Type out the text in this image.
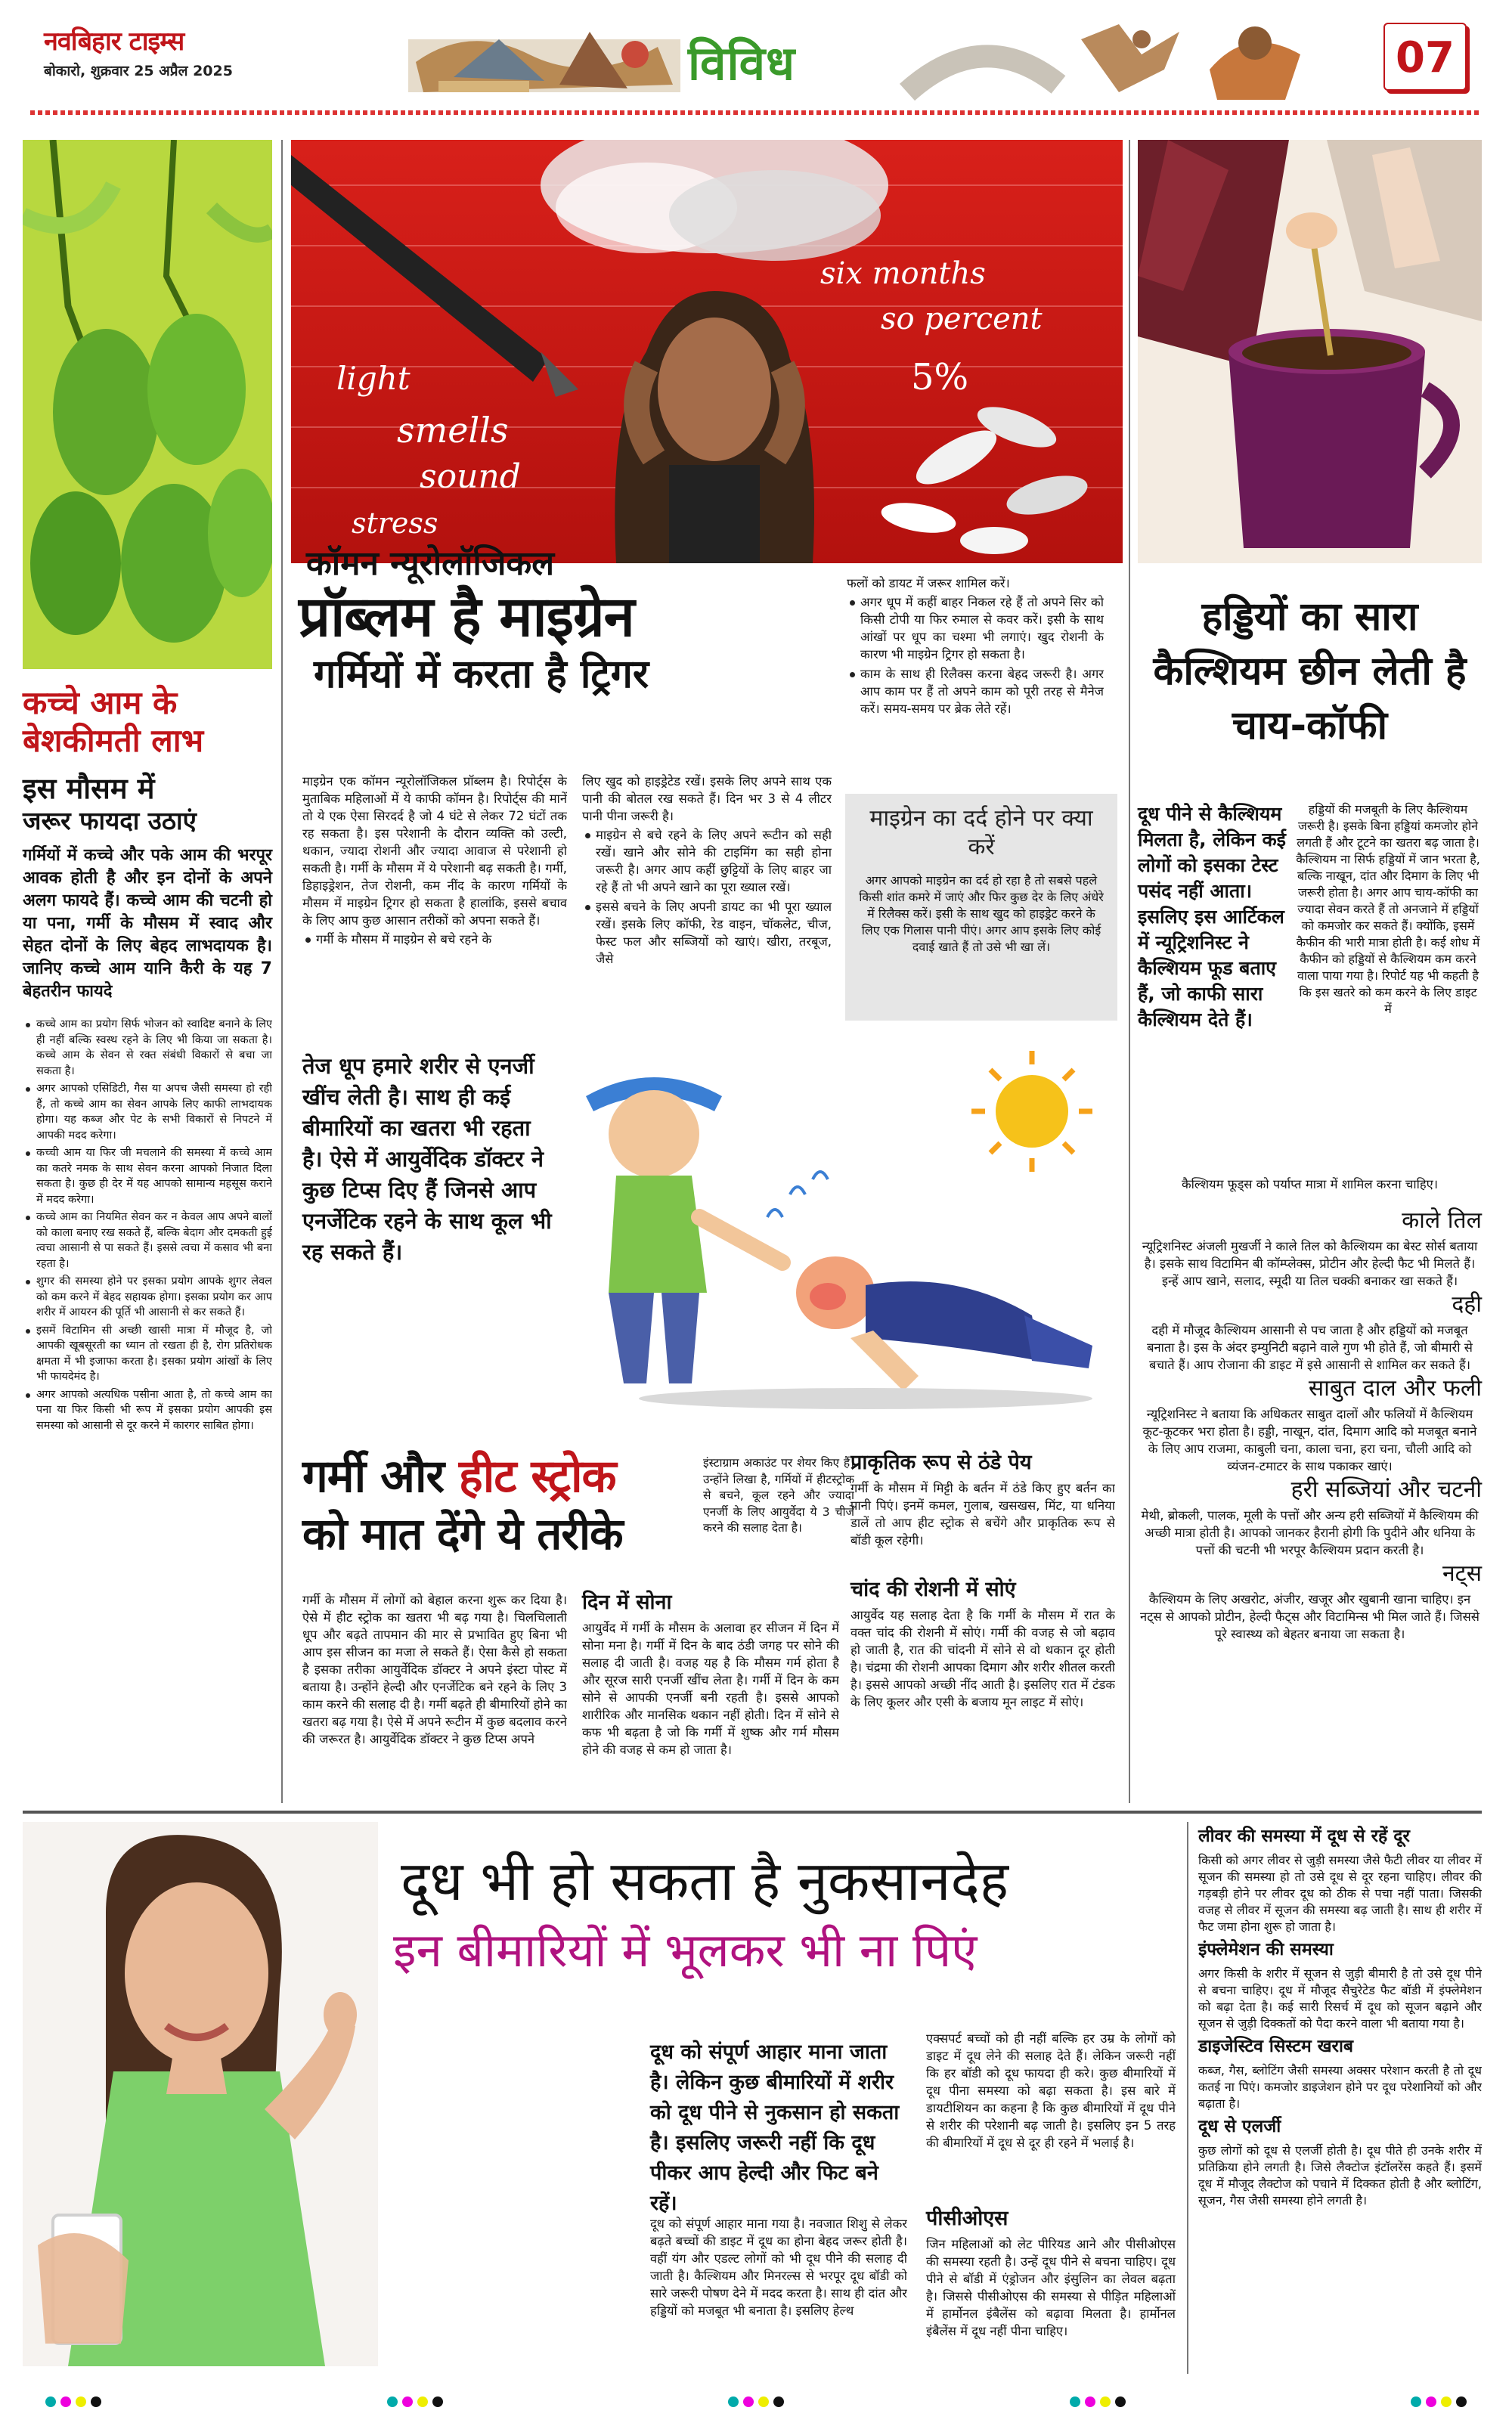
नवबिहार टाइम्स
बोकारो, शुक्रवार 25 अप्रैल 2025	विविध	07
कच्चे आम के बेशकीमती लाभ
इस मौसम में
जरूर फायदा उठाएं
गर्मियों में कच्चे और पके आम की भरपूर आवक होती है और इन दोनों के अपने अलग फायदे हैं। कच्चे आम की चटनी हो या पना, गर्मी के मौसम में स्वाद और सेहत दोनों के लिए बेहद लाभदायक है। जानिए कच्चे आम यानि कैरी के यह 7 बेहतरीन फायदे
कच्चे आम का प्रयोग सिर्फ भोजन को स्वादिष्ट बनाने के लिए ही नहीं बल्कि स्वस्थ रहने के लिए भी किया जा सकता है। कच्चे आम के सेवन से रक्त संबंधी विकारों से बचा जा सकता है।
अगर आपको एसिडिटी, गैस या अपच जैसी समस्या हो रही हैं, तो कच्चे आम का सेवन आपके लिए काफी लाभदायक होगा। यह कब्ज और पेट के सभी विकारों से निपटने में आपकी मदद करेगा।
कच्ची आम या फिर जी मचलाने की समस्या में कच्चे आम का कतरे नमक के साथ सेवन करना आपको निजात दिला सकता है। कुछ ही देर में यह आपको सामान्य महसूस कराने में मदद करेगा।
कच्चे आम का नियमित सेवन कर न केवल आप अपने बालों को काला बनाए रख सकते हैं, बल्कि बेदाग और दमकती हुई त्वचा आसानी से पा सकते हैं। इससे त्वचा में कसाव भी बना रहता है।
शुगर की समस्या होने पर इसका प्रयोग आपके शुगर लेवल को कम करने में बेहद सहायक होगा। इसका प्रयोग कर आप शरीर में आयरन की पूर्ति भी आसानी से कर सकते हैं।
इसमें विटामिन सी अच्छी खासी मात्रा में मौजूद है, जो आपकी खूबसूरती का ध्यान तो रखता ही है, रोग प्रतिरोधक क्षमता में भी इजाफा करता है। इसका प्रयोग आंखों के लिए भी फायदेमंद है।
अगर आपको अत्यधिक पसीना आता है, तो कच्चे आम का पना या फिर किसी भी रूप में इसका प्रयोग आपकी इस समस्या को आसानी से दूर करने में कारगर साबित होगा।
light
smells
sound
six months
so percent
5%
stress
कॉमन न्यूरोलॉजिकल
प्रॉब्लम है माइग्रेन
गर्मियों में करता है ट्रिगर

माइग्रेन एक कॉमन न्यूरोलॉजिकल प्रॉब्लम है। रिपोर्ट्स के मुताबिक महिलाओं में ये काफी कॉमन है। रिपोर्ट्स की मानें तो ये एक ऐसा सिरदर्द है जो 4 घंटे से लेकर 72 घंटों तक रह सकता है। इस परेशानी के दौरान व्यक्ति को उल्टी, थकान, ज्यादा रोशनी और ज्यादा आवाज से परेशानी हो सकती है। गर्मी के मौसम में ये परेशानी बढ़ सकती है। गर्मी, डिहाइड्रेशन, तेज रोशनी, कम नींद के कारण गर्मियों के मौसम में माइग्रेन ट्रिगर हो सकता है हालांकि, इससे बचाव के लिए आप कुछ आसान तरीकों को अपना सकते हैं।

गर्मी के मौसम में माइग्रेन से बचे रहने के

लिए खुद को हाइड्रेटेड रखें। इसके लिए अपने साथ एक पानी की बोतल रख सकते हैं। दिन भर 3 से 4 लीटर पानी पीना जरूरी है।

माइग्रेन से बचे रहने के लिए अपने रूटीन को सही रखें। खाने और सोने की टाइमिंग का सही होना जरूरी है। अगर आप कहीं छुट्टियों के लिए बाहर जा रहे हैं तो भी अपने खाने का पूरा ख्याल रखें।
इससे बचने के लिए अपनी डायट का भी पूरा ख्याल रखें। इसके लिए कॉफी, रेड वाइन, चॉकलेट, चीज, फेस्ट फल और सब्जियों को खाएं। खीरा, तरबूज, जैसे

फलों को डायट में जरूर शामिल करें।

अगर धूप में कहीं बाहर निकल रहे हैं तो अपने सिर को किसी टोपी या फिर रुमाल से कवर करें। इसी के साथ आंखों पर धूप का चश्मा भी लगाएं। खुद रोशनी के कारण भी माइग्रेन ट्रिगर हो सकता है।
काम के साथ ही रिलैक्स करना बेहद जरूरी है। अगर आप काम पर हैं तो अपने काम को पूरी तरह से मैनेज करें। समय-समय पर ब्रेक लेते रहें।
माइग्रेन का दर्द होने पर क्या करें
अगर आपको माइग्रेन का दर्द हो रहा है तो सबसे पहले किसी शांत कमरे में जाएं और फिर कुछ देर के लिए अंधेरे में रिलैक्स करें। इसी के साथ खुद को हाइड्रेट करने के लिए एक गिलास पानी पीएं। अगर आप इसके लिए कोई दवाई खाते हैं तो उसे भी खा लें।
तेज धूप हमारे शरीर से एनर्जी खींच लेती है। साथ ही कई बीमारियों का खतरा भी रहता है। ऐसे में आयुर्वेदिक डॉक्टर ने कुछ टिप्स दिए हैं जिनसे आप एनर्जेटिक रहने के साथ कूल भी रह सकते हैं।
गर्मी और हीट स्ट्रोक
को मात देंगे ये तरीके
इंस्टाग्राम अकाउंट पर शेयर किए हैं। उन्होंने लिखा है, गर्मियों में हीटस्ट्रोक से बचने, कूल रहने और ज्यादा एनर्जी के लिए आयुर्वेदा ये 3 चीजें करने की सलाह देता है।
गर्मी के मौसम में लोगों को बेहाल करना शुरू कर दिया है। ऐसे में हीट स्ट्रोक का खतरा भी बढ़ गया है। चिलचिलाती धूप और बढ़ते तापमान की मार से प्रभावित हुए बिना भी आप इस सीजन का मजा ले सकते हैं। ऐसा कैसे हो सकता है इसका तरीका आयुर्वेदिक डॉक्टर ने अपने इंस्टा पोस्ट में बताया है। उन्होंने हेल्दी और एनर्जेटिक बने रहने के लिए 3 काम करने की सलाह दी है। गर्मी बढ़ते ही बीमारियों होने का खतरा बढ़ गया है। ऐसे में अपने रूटीन में कुछ बदलाव करने की जरूरत है। आयुर्वेदिक डॉक्टर ने कुछ टिप्स अपने
दिन में सोना
आयुर्वेद में गर्मी के मौसम के अलावा हर सीजन में दिन में सोना मना है। गर्मी में दिन के बाद ठंडी जगह पर सोने की सलाह दी जाती है। वजह यह है कि मौसम गर्म होता है और सूरज सारी एनर्जी खींच लेता है। गर्मी में दिन के कम सोने से आपकी एनर्जी बनी रहती है। इससे आपको शारीरिक और मानसिक थकान नहीं होती। दिन में सोने से कफ भी बढ़ता है जो कि गर्मी में शुष्क और गर्म मौसम होने की वजह से कम हो जाता है।
प्राकृतिक रूप से ठंडे पेय
गर्मी के मौसम में मिट्टी के बर्तन में ठंडे किए हुए बर्तन का पानी पिएं। इनमें कमल, गुलाब, खसखस, मिंट, या धनिया डालें तो आप हीट स्ट्रोक से बचेंगे और प्राकृतिक रूप से बॉडी कूल रहेगी।
चांद की रोशनी में सोएं
आयुर्वेद यह सलाह देता है कि गर्मी के मौसम में रात के वक्त चांद की रोशनी में सोएं। गर्मी की वजह से जो बढ़ाव हो जाती है, रात की चांदनी में सोने से वो थकान दूर होती है। चंद्रमा की रोशनी आपका दिमाग और शरीर शीतल करती है। इससे आपको अच्छी नींद आती है। इसलिए रात में टंडक के लिए कूलर और एसी के बजाय मून लाइट में सोएं।
हड्डियों का सारा कैल्शियम छीन लेती है चाय-कॉफी
दूध पीने से कैल्शियम मिलता है, लेकिन कई लोगों को इसका टेस्ट पसंद नहीं आता। इसलिए इस आर्टिकल में न्यूट्रिशनिस्ट ने कैल्शियम फूड बताए हैं, जो काफी सारा कैल्शियम देते हैं।
हड्डियों की मजबूती के लिए कैल्शियम जरूरी है। इसके बिना हड्डियां कमजोर होने लगती हैं और टूटने का खतरा बढ़ जाता है। कैल्शियम ना सिर्फ हड्डियों में जान भरता है, बल्कि नाखून, दांत और दिमाग के लिए भी जरूरी होता है। अगर आप चाय-कॉफी का ज्यादा सेवन करते हैं तो अनजाने में हड्डियों को कमजोर कर सकते हैं। क्योंकि, इसमें कैफीन की भारी मात्रा होती है। कई शोध में कैफीन को हड्डियों से कैल्शियम कम करने वाला पाया गया है। रिपोर्ट यह भी कहती है कि इस खतरे को कम करने के लिए डाइट में
कैल्शियम फूड्स को पर्याप्त मात्रा में शामिल करना चाहिए।
काले तिल
न्यूट्रिशनिस्ट अंजली मुखर्जी ने काले तिल को कैल्शियम का बेस्ट सोर्स बताया है। इसके साथ विटामिन बी कॉम्प्लेक्स, प्रोटीन और हेल्दी फैट भी मिलते हैं। इन्हें आप खाने, सलाद, स्मूदी या तिल चक्की बनाकर खा सकते हैं।
दही
दही में मौजूद कैल्शियम आसानी से पच जाता है और हड्डियों को मजबूत बनाता है। इस के अंदर इम्युनिटी बढ़ाने वाले गुण भी होते हैं, जो बीमारी से बचाते हैं। आप रोजाना की डाइट में इसे आसानी से शामिल कर सकते हैं।
साबुत दाल और फली
न्यूट्रिशनिस्ट ने बताया कि अधिकतर साबुत दालों और फलियों में कैल्शियम कूट-कूटकर भरा होता है। हड्डी, नाखून, दांत, दिमाग आदि को मजबूत बनाने के लिए आप राजमा, काबुली चना, काला चना, हरा चना, चौली आदि को व्यंजन-टमाटर के साथ पकाकर खाएं।
हरी सब्जियां और चटनी
मेथी, ब्रोकली, पालक, मूली के पत्तों और अन्य हरी सब्जियों में कैल्शियम की अच्छी मात्रा होती है। आपको जानकर हैरानी होगी कि पुदीने और धनिया के पत्तों की चटनी भी भरपूर कैल्शियम प्रदान करती है।
नट्स
कैल्शियम के लिए अखरोट, अंजीर, खजूर और खुबानी खाना चाहिए। इन नट्स से आपको प्रोटीन, हेल्दी फैट्स और विटामिन्स भी मिल जाते हैं। जिससे पूरे स्वास्थ्य को बेहतर बनाया जा सकता है।
दूध भी हो सकता है नुकसानदेह
इन बीमारियों में भूलकर भी ना पिएं
दूध को संपूर्ण आहार माना जाता है। लेकिन कुछ बीमारियों में शरीर को दूध पीने से नुकसान हो सकता है। इसलिए जरूरी नहीं कि दूध पीकर आप हेल्दी और फिट बने रहें।
दूध को संपूर्ण आहार माना गया है। नवजात शिशु से लेकर बढ़ते बच्चों की डाइट में दूध का होना बेहद जरूर होती है। वहीं यंग और एडल्ट लोगों को भी दूध पीने की सलाह दी जाती है। कैल्शियम और मिनरल्स से भरपूर दूध बॉडी को सारे जरूरी पोषण देने में मदद करता है। साथ ही दांत और हड्डियों को मजबूत भी बनाता है। इसलिए हेल्थ
एक्सपर्ट बच्चों को ही नहीं बल्कि हर उम्र के लोगों को डाइट में दूध लेने की सलाह देते हैं। लेकिन जरूरी नहीं कि हर बॉडी को दूध फायदा ही करे। कुछ बीमारियों में दूध पीना समस्या को बढ़ा सकता है। इस बारे में डायटीशियन का कहना है कि कुछ बीमारियों में दूध पीने से शरीर की परेशानी बढ़ जाती है। इसलिए इन 5 तरह की बीमारियों में दूध से दूर ही रहने में भलाई है।
पीसीओएस
जिन महिलाओं को लेट पीरियड आने और पीसीओएस की समस्या रहती है। उन्हें दूध पीने से बचना चाहिए। दूध पीने से बॉडी में एंड्रोजन और इंसुलिन का लेवल बढ़ता है। जिससे पीसीओएस की समस्या से पीड़ित महिलाओं में हार्मोनल इंबैलेंस को बढ़ावा मिलता है। हार्मोनल इंबैलेंस में दूध नहीं पीना चाहिए।
लीवर की समस्या में दूध से रहें दूर
किसी को अगर लीवर से जुड़ी समस्या जैसे फैटी लीवर या लीवर में सूजन की समस्या हो तो उसे दूध से दूर रहना चाहिए। लीवर की गड़बड़ी होने पर लीवर दूध को ठीक से पचा नहीं पाता। जिसकी वजह से लीवर में सूजन की समस्या बढ़ जाती है। साथ ही शरीर में फैट जमा होना शुरू हो जाता है।
इंफ्लेमेशन की समस्या
अगर किसी के शरीर में सूजन से जुड़ी बीमारी है तो उसे दूध पीने से बचना चाहिए। दूध में मौजूद सैचुरेटेड फैट बॉडी में इंफ्लेमेशन को बढ़ा देता है। कई सारी रिसर्च में दूध को सूजन बढ़ाने और सूजन से जुड़ी दिक्कतों को पैदा करने वाला भी बताया गया है।
डाइजेस्टिव सिस्टम खराब
कब्ज, गैस, ब्लोटिंग जैसी समस्या अक्सर परेशान करती है तो दूध कतई ना पिएं। कमजोर डाइजेशन होने पर दूध परेशानियों को और बढ़ाता है।
दूध से एलर्जी
कुछ लोगों को दूध से एलर्जी होती है। दूध पीते ही उनके शरीर में प्रतिक्रिया होने लगती है। जिसे लैक्टोज इंटॉलरेंस कहते हैं। इसमें दूध में मौजूद लैक्टोज को पचाने में दिक्कत होती है और ब्लोटिंग, सूजन, गैस जैसी समस्या होने लगती है।
